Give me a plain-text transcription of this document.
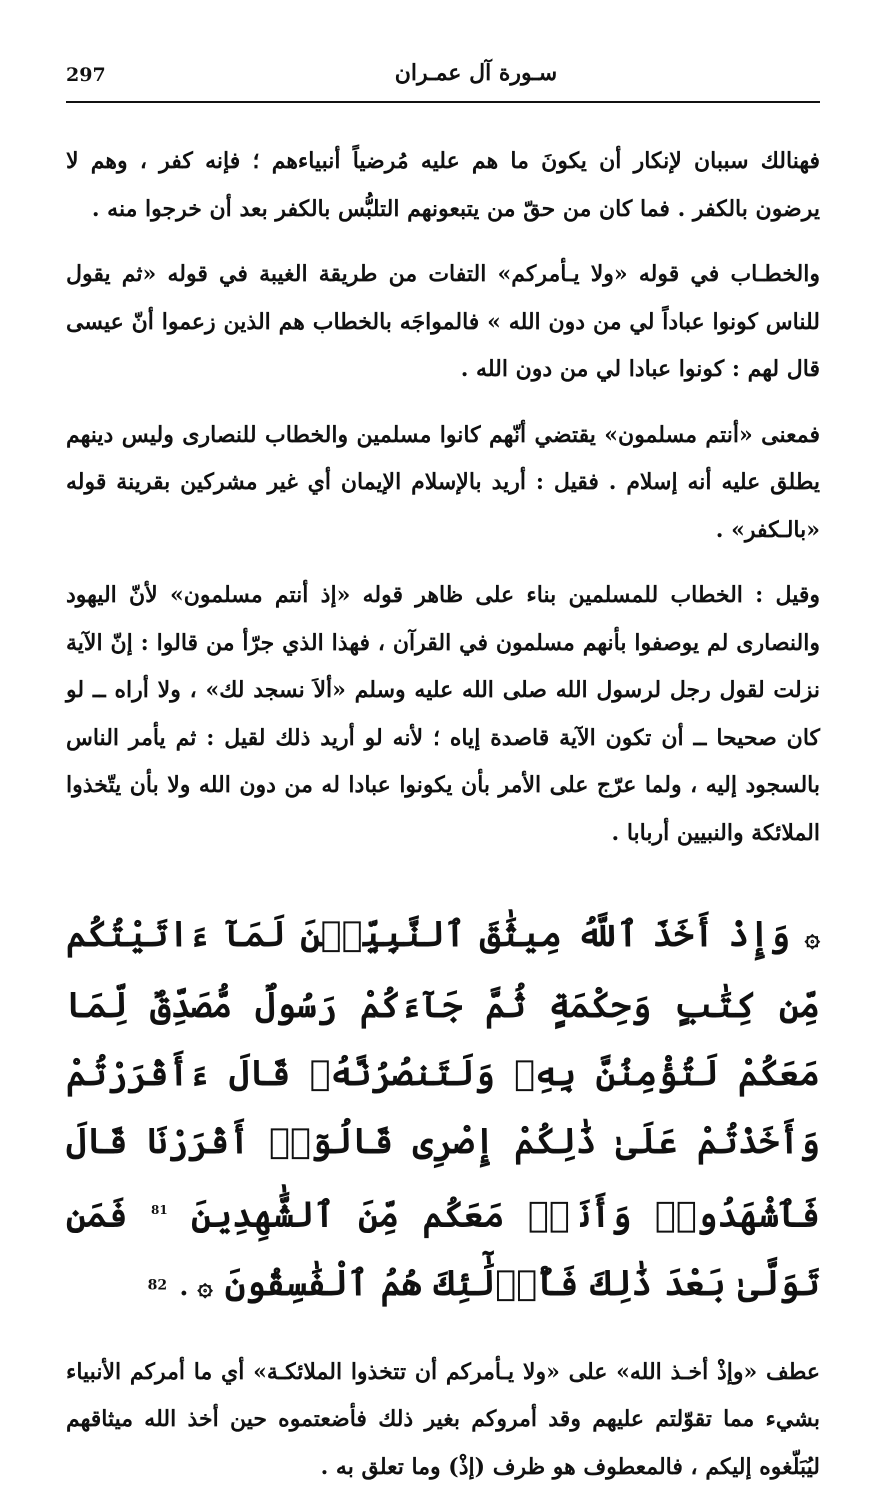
297	سـورة آل عمـران

فهنالك سببان لإنكار أن يكونَ ما هم عليه مُرضياً أنبياءهم ؛ فإنه كفر ، وهم لا يرضون بالكفر . فما كان من حقّ من يتبعونهم التلبُّس بالكفر بعد أن خرجوا منه .

والخطـاب في قوله «ولا يـأمركم» التفات من طريقة الغيبة في قوله «ثم يقول للناس كونوا عباداً لي من دون الله » فالمواجَه بالخطاب هم الذين زعموا أنّ عيسى قال لهم : كونوا عبادا لي من دون الله .

فمعنى «أنتم مسلمون» يقتضي أنّهم كانوا مسلمين والخطاب للنصارى وليس دينهم يطلق عليه أنه إسلام . فقيل : أريد بالإسلام الإيمان أي غير مشركين بقرينة قوله «بالـكفر» .

وقيل : الخطاب للمسلمين بناء على ظاهر قوله «إذ أنتم مسلمون» لأنّ اليهود والنصارى لم يوصفوا بأنهم مسلمون في القرآن ، فهذا الذي جرّأ من قالوا : إنّ الآية نزلت لقول رجل لرسول الله صلى الله عليه وسلم «ألاَ نسجد لك» ، ولا أراه ــ لو كان صحيحا ــ أن تكون الآية قاصدة إياه ؛ لأنه لو أريد ذلك لقيل : ثم يأمر الناس بالسجود إليه ، ولما عرّج على الأمر بأن يكونوا عبادا له من دون الله ولا بأن يتّخذوا الملائكة والنبيين أربابا .

۞ وَإِذْ أَخَذَ ٱللَّهُ مِيثَٰقَ ٱلنَّبِيِّـۧنَ لَمَآ ءَاتَيْتُكُم مِّن كِتَٰبٍ وَحِكْمَةٍ ثُمَّ جَآءَكُمْ رَسُولٌ مُّصَدِّقٌ لِّمَا مَعَكُمْ لَتُؤْمِنُنَّ بِهِۦ وَلَتَنصُرُنَّهُۥ قَالَ ءَأَقْرَرْتُمْ وَأَخَذْتُمْ عَلَىٰ ذَٰلِكُمْ إِصْرِى قَالُوٓا۟ أَقْرَرْنَا قَالَ فَٱشْهَدُوا۟ وَأَنَا۠ مَعَكُم مِّنَ ٱلشَّٰهِدِينَ $^{81}$ فَمَن تَوَلَّىٰ بَعْدَ ذَٰلِكَ فَأُو۟لَٰٓئِكَ هُمُ ٱلْفَٰسِقُونَ ۞ . 82

عطف «وإذْ أخـذ الله» على «ولا يـأمركم أن تتخذوا الملائكـة» أي ما أمركم الأنبياء بشيء مما تقوّلتم عليهم وقد أمروكم بغير ذلك فأضعتموه حين أخذ الله ميثاقهم ليُبَلّغوه إليكم ، فالمعطوف هو ظرف (إذْ) وما تعلق به .
